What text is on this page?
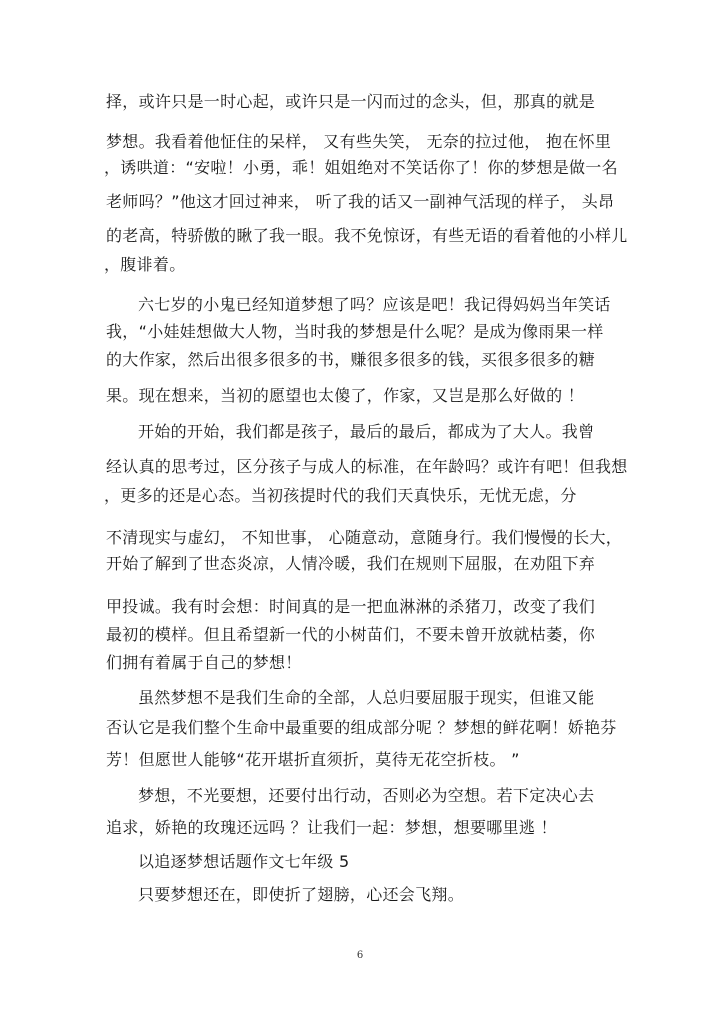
择，或许只是一时心起，或许只是一闪而过的念头，但，那真的就是
梦想。我看着他怔住的呆样， 又有些失笑， 无奈的拉过他， 抱在怀里
，诱哄道：“安啦！小勇，乖！姐姐绝对不笑话你了！你的梦想是做一名
老师吗？”他这才回过神来， 听了我的话又一副神气活现的样子， 头昂
的老高，特骄傲的瞅了我一眼。我不免惊讶，有些无语的看着他的小样儿
，腹诽着。
六七岁的小鬼已经知道梦想了吗？应该是吧！我记得妈妈当年笑话
我，“小娃娃想做大人物，当时我的梦想是什么呢？是成为像雨果一样
的大作家，然后出很多很多的书，赚很多很多的钱，买很多很多的糖
果。现在想来，当初的愿望也太傻了，作家，又岂是那么好做的 ！
开始的开始，我们都是孩子，最后的最后，都成为了大人。我曾
经认真的思考过，区分孩子与成人的标准，在年龄吗？或许有吧！但我想
，更多的还是心态。当初孩提时代的我们天真快乐，无忧无虑，分
不清现实与虚幻， 不知世事， 心随意动，意随身行。我们慢慢的长大，
开始了解到了世态炎凉，人情冷暖，我们在规则下屈服，在劝阻下弃
甲投诚。我有时会想：时间真的是一把血淋淋的杀猪刀，改变了我们
最初的模样。但且希望新一代的小树苗们，不要未曾开放就枯萎，你
们拥有着属于自己的梦想！
虽然梦想不是我们生命的全部，人总归要屈服于现实，但谁又能
否认它是我们整个生命中最重要的组成部分呢 ？梦想的鲜花啊！娇艳芬
芳！但愿世人能够“花开堪折直须折，莫待无花空折枝。 ”
梦想，不光要想，还要付出行动，否则必为空想。若下定决心去
追求，娇艳的玫瑰还远吗 ？让我们一起：梦想，想要哪里逃 ！
以追逐梦想话题作文七年级 5
只要梦想还在，即使折了翅膀，心还会飞翔。
6
